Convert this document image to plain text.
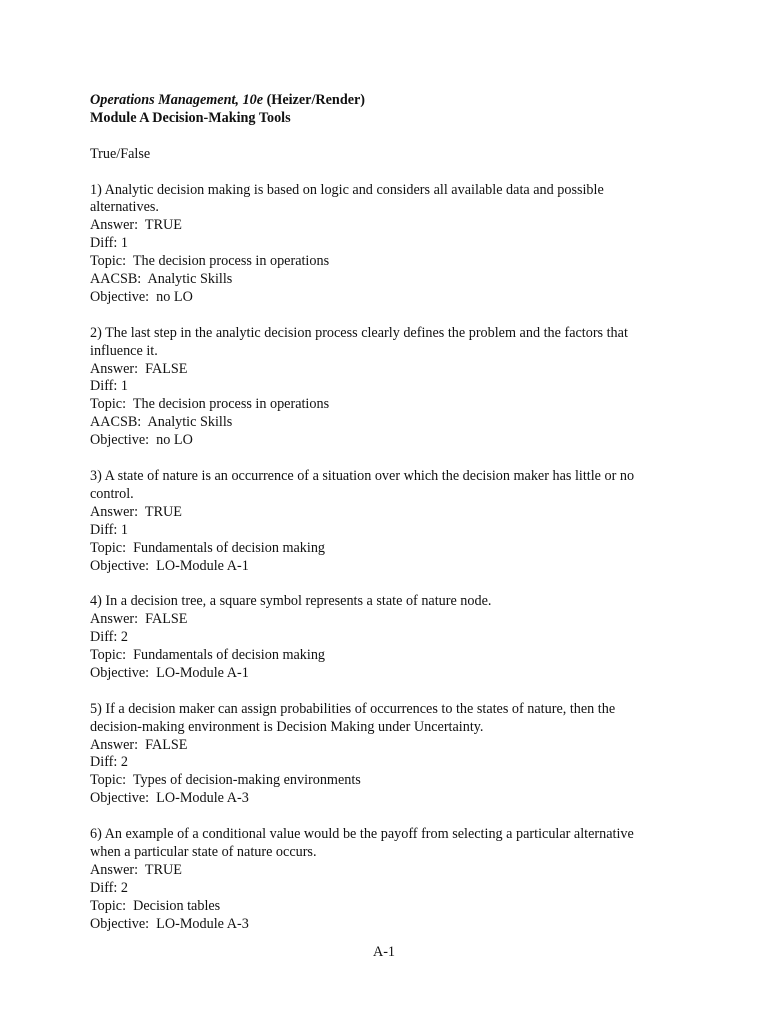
Operations Management, 10e (Heizer/Render)
Module A Decision-Making Tools
True/False
1) Analytic decision making is based on logic and considers all available data and possible
alternatives.
Answer:  TRUE
Diff: 1
Topic:  The decision process in operations
AACSB:  Analytic Skills
Objective:  no LO
2) The last step in the analytic decision process clearly defines the problem and the factors that
influence it.
Answer:  FALSE
Diff: 1
Topic:  The decision process in operations
AACSB:  Analytic Skills
Objective:  no LO
3) A state of nature is an occurrence of a situation over which the decision maker has little or no
control.
Answer:  TRUE
Diff: 1
Topic:  Fundamentals of decision making
Objective:  LO-Module A-1
4) In a decision tree, a square symbol represents a state of nature node.
Answer:  FALSE
Diff: 2
Topic:  Fundamentals of decision making
Objective:  LO-Module A-1
5) If a decision maker can assign probabilities of occurrences to the states of nature, then the
decision-making environment is Decision Making under Uncertainty.
Answer:  FALSE
Diff: 2
Topic:  Types of decision-making environments
Objective:  LO-Module A-3
6) An example of a conditional value would be the payoff from selecting a particular alternative
when a particular state of nature occurs.
Answer:  TRUE
Diff: 2
Topic:  Decision tables
Objective:  LO-Module A-3
A-1
